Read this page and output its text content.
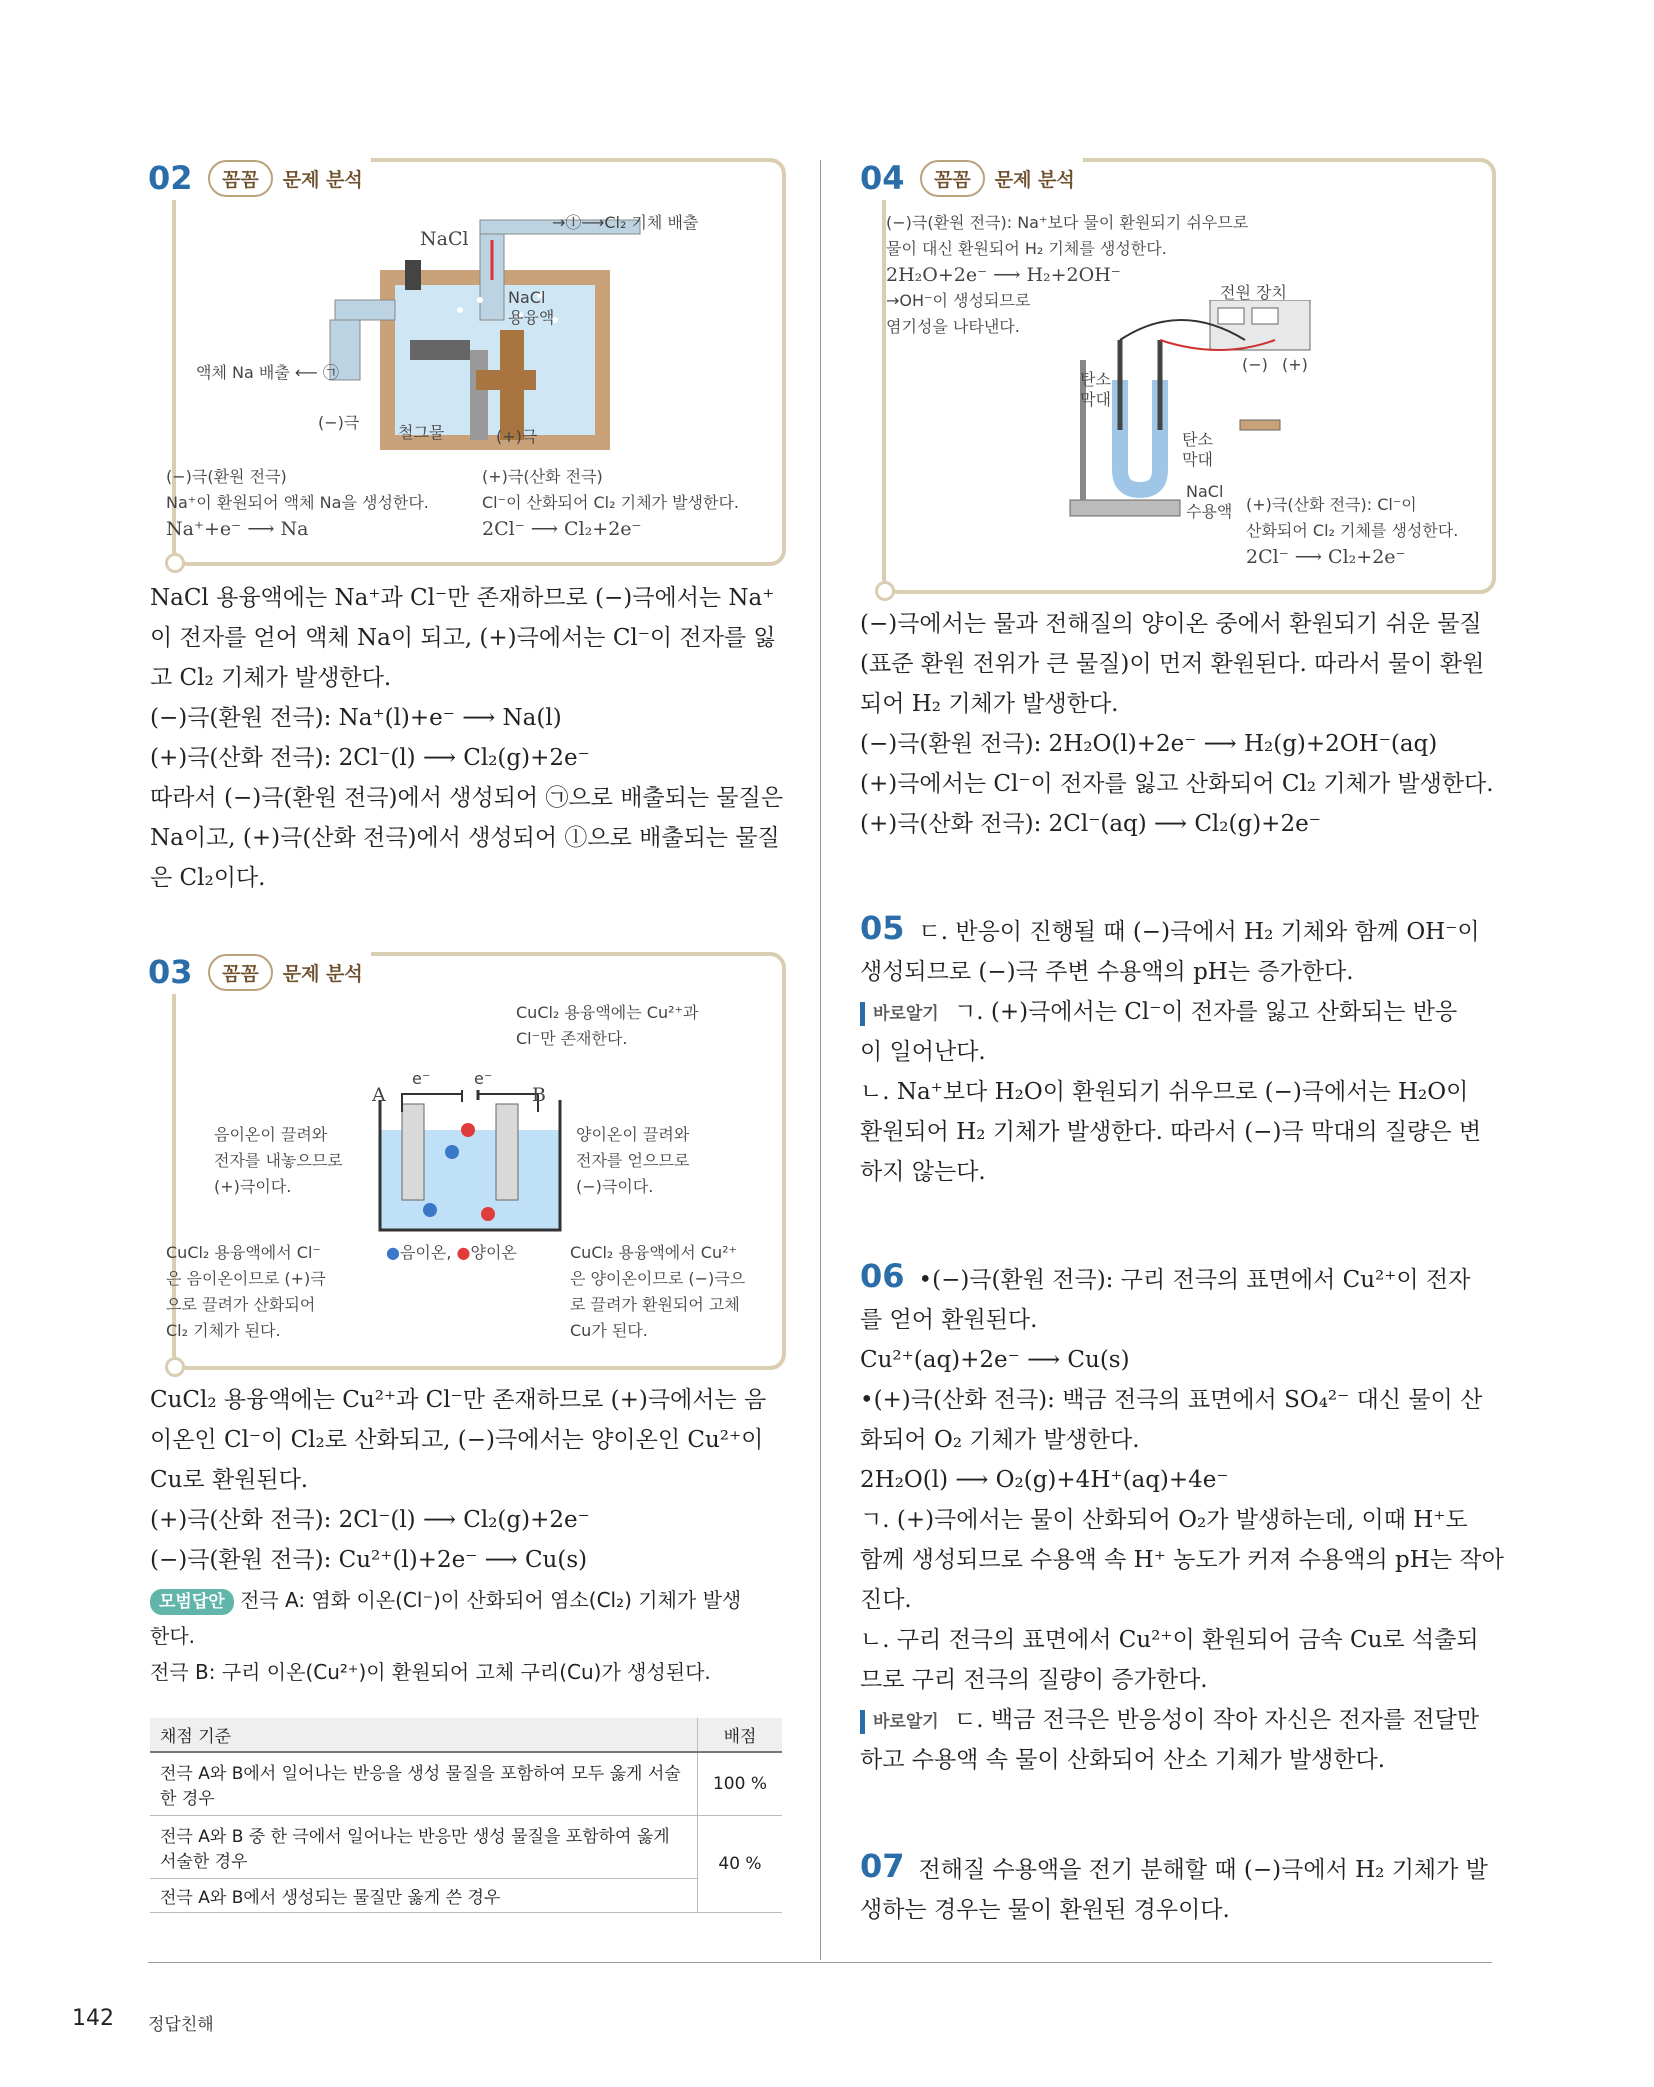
02	꼼꼼	문제 분석
NaCl
→ⓛ⟶Cl₂ 기체 배출
NaCl 용융액
액체 Na 배출 ⟵ ㉠
(−)극
철그물	(+)극
(−)극(환원 전극)
Na⁺이 환원되어 액체 Na을 생성한다.
Na⁺+e⁻ ⟶ Na
(+)극(산화 전극)
Cl⁻이 산화되어 Cl₂ 기체가 발생한다.
2Cl⁻ ⟶ Cl₂+2e⁻

NaCl 용융액에는 Na⁺과 Cl⁻만 존재하므로 (−)극에서는 Na⁺

이 전자를 얻어 액체 Na이 되고, (+)극에서는 Cl⁻이 전자를 잃

고 Cl₂ 기체가 발생한다.

(−)극(환원 전극): Na⁺(l)+e⁻ ⟶ Na(l)

(+)극(산화 전극): 2Cl⁻(l) ⟶ Cl₂(g)+2e⁻

따라서 (−)극(환원 전극)에서 생성되어 ㉠으로 배출되는 물질은

Na이고, (+)극(산화 전극)에서 생성되어 ⓛ으로 배출되는 물질

은 Cl₂이다.

03	꼼꼼	문제 분석
CuCl₂ 용융액에는 Cu²⁺과
Cl⁻만 존재한다.
A	B
e⁻	e⁻
음이온이 끌려와
전자를 내놓으므로
(+)극이다.
양이온이 끌려와
전자를 얻으므로
(−)극이다.
●음이온, ●양이온
CuCl₂ 용융액에서 Cl⁻
은 음이온이므로 (+)극
으로 끌려가 산화되어
Cl₂ 기체가 된다.
CuCl₂ 용융액에서 Cu²⁺
은 양이온이므로 (−)극으
로 끌려가 환원되어 고체
Cu가 된다.

CuCl₂ 용융액에는 Cu²⁺과 Cl⁻만 존재하므로 (+)극에서는 음

이온인 Cl⁻이 Cl₂로 산화되고, (−)극에서는 양이온인 Cu²⁺이

Cu로 환원된다.

(+)극(산화 전극): 2Cl⁻(l) ⟶ Cl₂(g)+2e⁻

(−)극(환원 전극): Cu²⁺(l)+2e⁻ ⟶ Cu(s)

모범답안 전극 A: 염화 이온(Cl⁻)이 산화되어 염소(Cl₂) 기체가 발생

한다.

전극 B: 구리 이온(Cu²⁺)이 환원되어 고체 구리(Cu)가 생성된다.

채점 기준	배점
전극 A와 B에서 일어나는 반응을 생성 물질을 포함하여 모두 옳게 서술한 경우	100 %
전극 A와 B 중 한 극에서 일어나는 반응만 생성 물질을 포함하여 옳게 서술한 경우	40 %
전극 A와 B에서 생성되는 물질만 옳게 쓴 경우	
04	꼼꼼	문제 분석
(−)극(환원 전극): Na⁺보다 물이 환원되기 쉬우므로
물이 대신 환원되어 H₂ 기체를 생성한다.
2H₂O+2e⁻ ⟶ H₂+2OH⁻
→OH⁻이 생성되므로
염기성을 나타낸다.
전원 장치
(−) (+)
탄소 막대
탄소 막대
NaCl 수용액 (+)극(산화 전극): Cl⁻이
산화되어 Cl₂ 기체를 생성한다.
2Cl⁻ ⟶ Cl₂+2e⁻

(−)극에서는 물과 전해질의 양이온 중에서 환원되기 쉬운 물질

(표준 환원 전위가 큰 물질)이 먼저 환원된다. 따라서 물이 환원

되어 H₂ 기체가 발생한다.

(−)극(환원 전극): 2H₂O(l)+2e⁻ ⟶ H₂(g)+2OH⁻(aq)

(+)극에서는 Cl⁻이 전자를 잃고 산화되어 Cl₂ 기체가 발생한다.

(+)극(산화 전극): 2Cl⁻(aq) ⟶ Cl₂(g)+2e⁻

05 ㄷ. 반응이 진행될 때 (−)극에서 H₂ 기체와 함께 OH⁻이

생성되므로 (−)극 주변 수용액의 pH는 증가한다.

바로알기 ㄱ. (+)극에서는 Cl⁻이 전자를 잃고 산화되는 반응

이 일어난다.

ㄴ. Na⁺보다 H₂O이 환원되기 쉬우므로 (−)극에서는 H₂O이

환원되어 H₂ 기체가 발생한다. 따라서 (−)극 막대의 질량은 변

하지 않는다.

06 •(−)극(환원 전극): 구리 전극의 표면에서 Cu²⁺이 전자

를 얻어 환원된다.

Cu²⁺(aq)+2e⁻ ⟶ Cu(s)

•(+)극(산화 전극): 백금 전극의 표면에서 SO₄²⁻ 대신 물이 산

화되어 O₂ 기체가 발생한다.

2H₂O(l) ⟶ O₂(g)+4H⁺(aq)+4e⁻

ㄱ. (+)극에서는 물이 산화되어 O₂가 발생하는데, 이때 H⁺도

함께 생성되므로 수용액 속 H⁺ 농도가 커져 수용액의 pH는 작아

진다.

ㄴ. 구리 전극의 표면에서 Cu²⁺이 환원되어 금속 Cu로 석출되

므로 구리 전극의 질량이 증가한다.

바로알기 ㄷ. 백금 전극은 반응성이 작아 자신은 전자를 전달만

하고 수용액 속 물이 산화되어 산소 기체가 발생한다.

07 전해질 수용액을 전기 분해할 때 (−)극에서 H₂ 기체가 발

생하는 경우는 물이 환원된 경우이다.

142 정답친해
